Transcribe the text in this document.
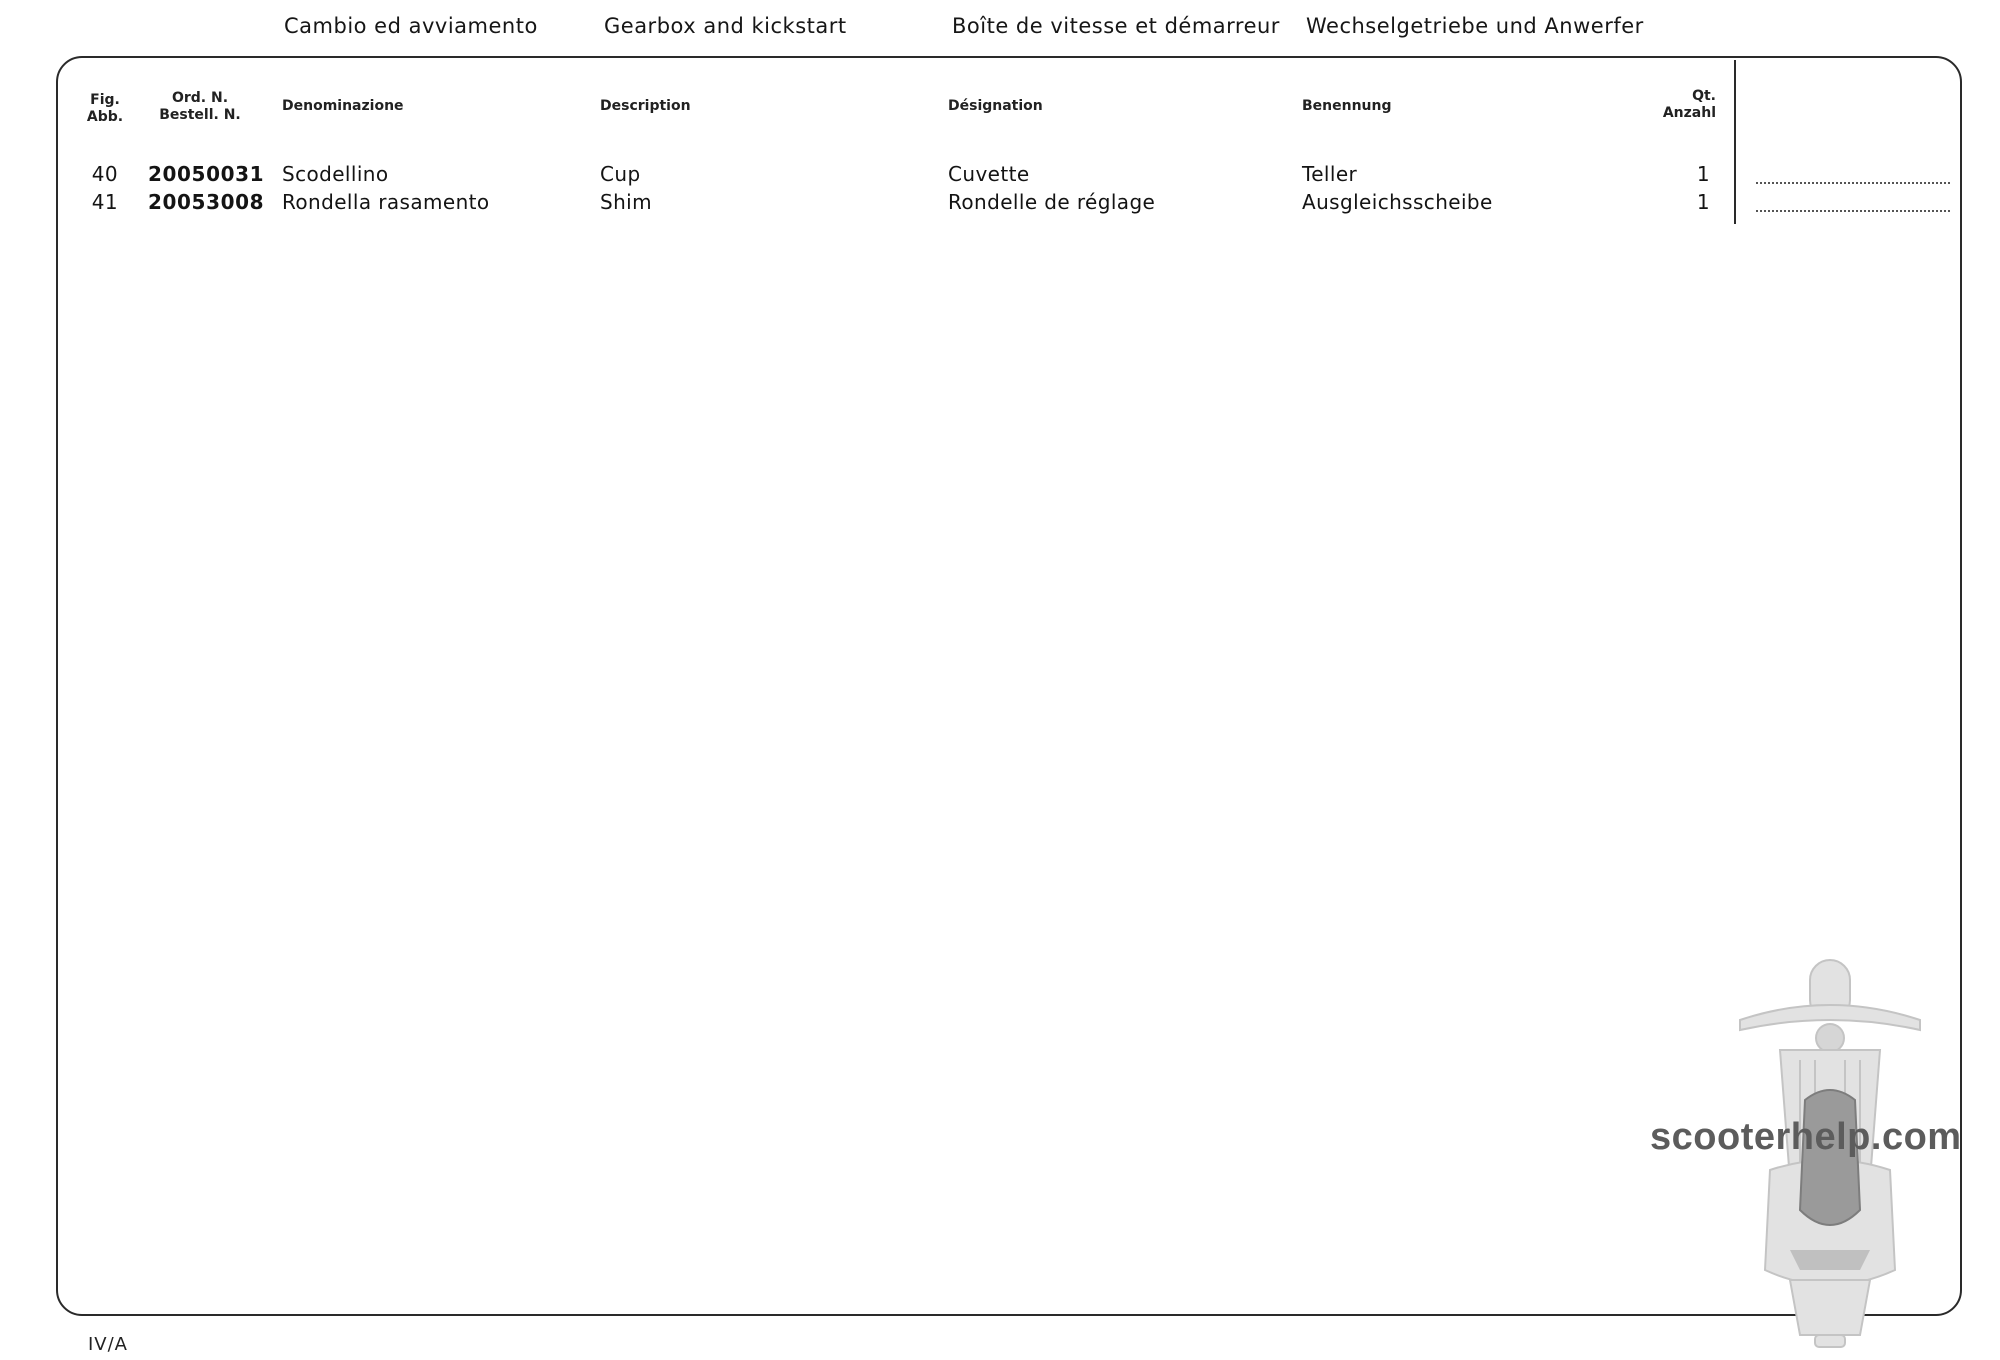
Cambio ed avviamento	Gearbox and kickstart	Boîte de vitesse et démarreur Wechselgetriebe und Anwerfer
Fig.
Abb.
Ord. N.
Bestell. N.
Denominazione	Description	Désignation	Benennung
Qt.
Anzahl
40 20050031 Scodellino	Cup	Cuvette	Teller	1
41 20053008 Rondella rasamento	Shim	Rondelle de réglage	Ausgleichsscheibe	1
scooterhelp.com
IV/A
